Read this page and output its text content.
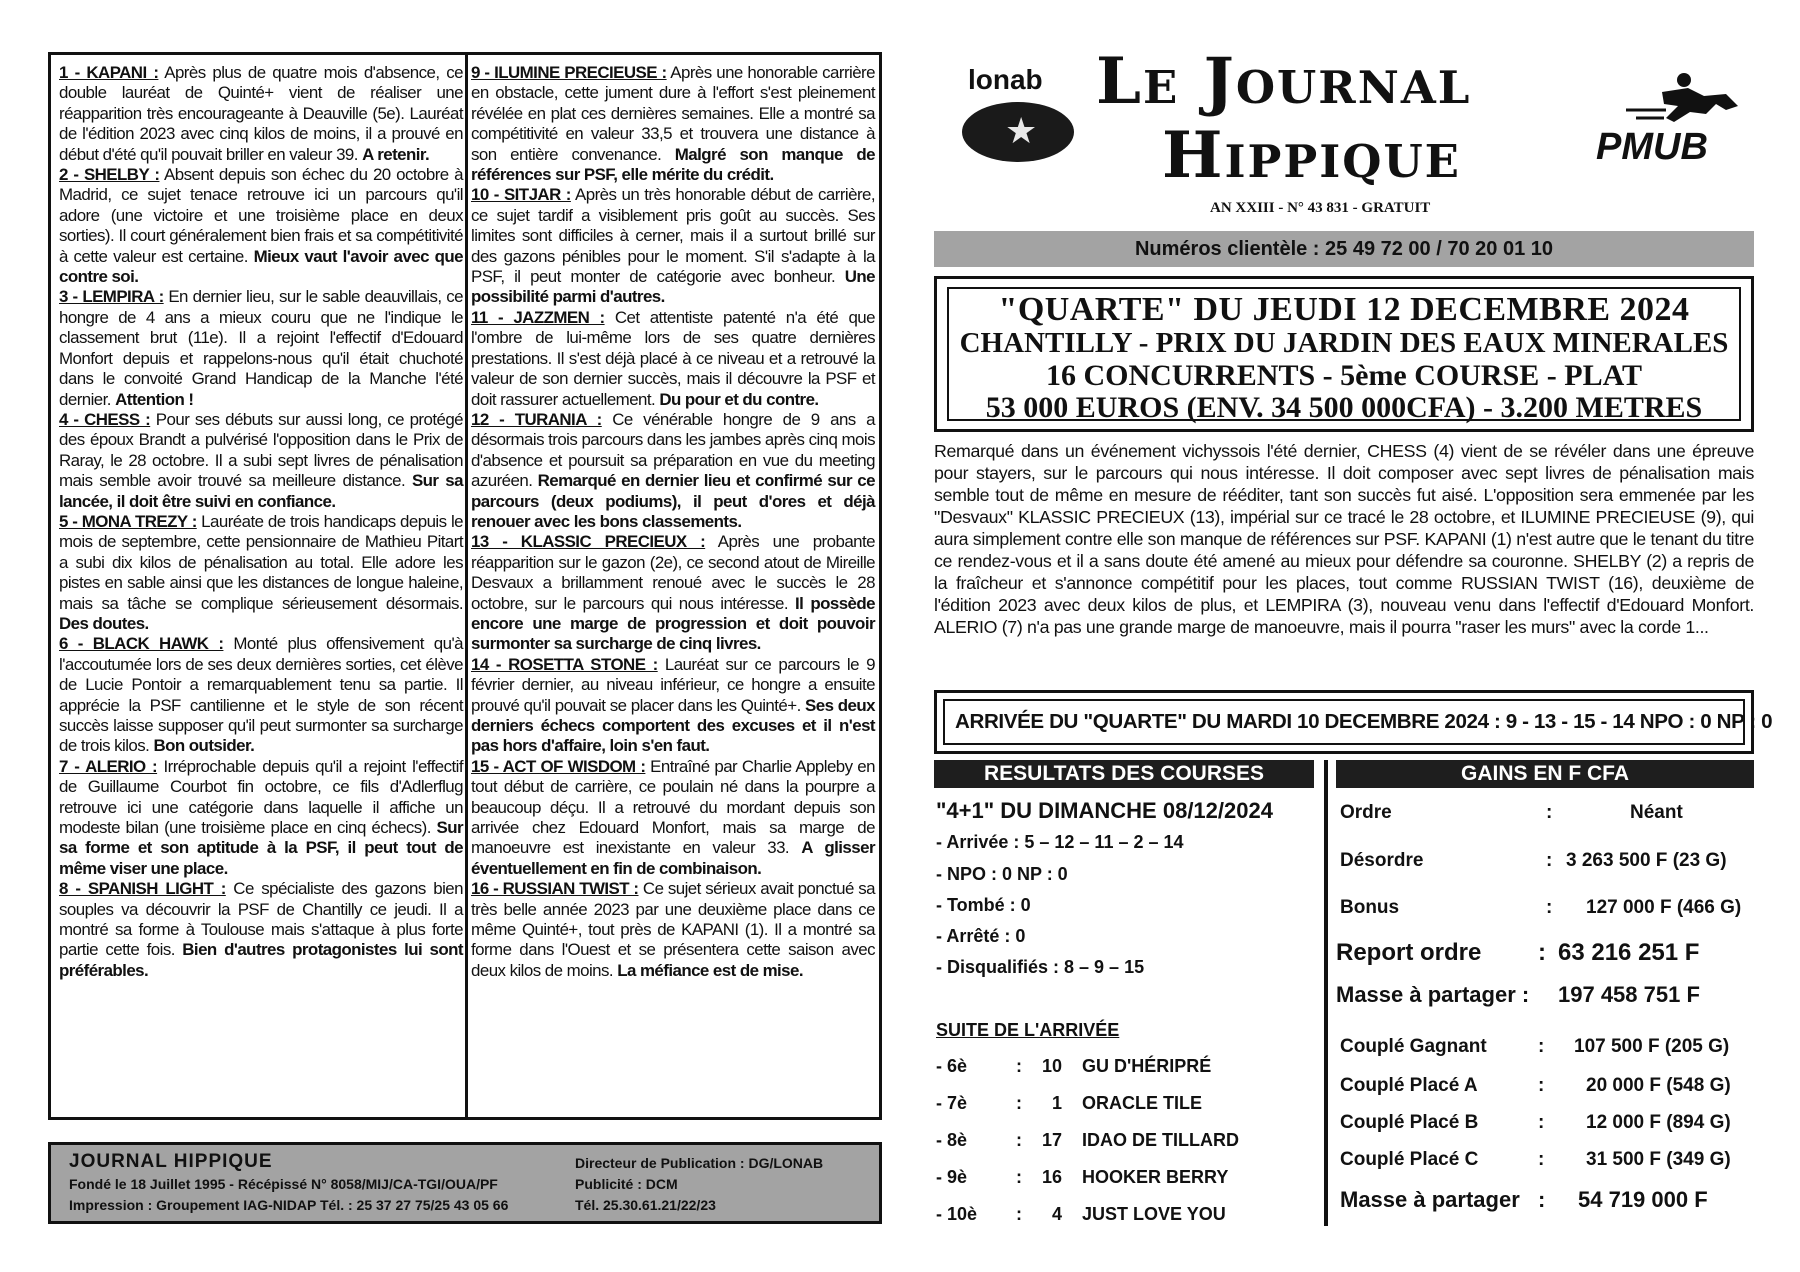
1 - KAPANI : Après plus de quatre mois d'absence, ce double lauréat de Quinté+ vient de réaliser une réapparition très encourageante à Deauville (5e). Lauréat de l'édition 2023 avec cinq kilos de moins, il a prouvé en début d'été qu'il pouvait briller en valeur 39. A retenir.

2 - SHELBY : Absent depuis son échec du 20 octobre à Madrid, ce sujet tenace retrouve ici un parcours qu'il adore (une victoire et une troisième place en deux sorties). Il court généralement bien frais et sa compétitivité à cette valeur est certaine. Mieux vaut l'avoir avec que contre soi.

3 - LEMPIRA : En dernier lieu, sur le sable deauvillais, ce hongre de 4 ans a mieux couru que ne l'indique le classement brut (11e). Il a rejoint l'effectif d'Edouard Monfort depuis et rappelons-nous qu'il était chuchoté dans le convoité Grand Handicap de la Manche l'été dernier. Attention !

4 - CHESS : Pour ses débuts sur aussi long, ce protégé des époux Brandt a pulvérisé l'opposition dans le Prix de Raray, le 28 octobre. Il a subi sept livres de pénalisation mais semble avoir trouvé sa meilleure distance. Sur sa lancée, il doit être suivi en confiance.

5 - MONA TREZY : Lauréate de trois handicaps depuis le mois de septembre, cette pensionnaire de Mathieu Pitart a subi dix kilos de pénalisation au total. Elle adore les pistes en sable ainsi que les distances de longue haleine, mais sa tâche se complique sérieusement désormais. Des doutes.

6 - BLACK HAWK : Monté plus offensivement qu'à l'accoutumée lors de ses deux dernières sorties, cet élève de Lucie Pontoir a remarquablement tenu sa partie. Il apprécie la PSF cantilienne et le style de son récent succès laisse supposer qu'il peut surmonter sa surcharge de trois kilos. Bon outsider.

7 - ALERIO : Irréprochable depuis qu'il a rejoint l'effectif de Guillaume Courbot fin octobre, ce fils d'Adlerflug retrouve ici une catégorie dans laquelle il affiche un modeste bilan (une troisième place en cinq échecs). Sur sa forme et son aptitude à la PSF, il peut tout de même viser une place.

8 - SPANISH LIGHT : Ce spécialiste des gazons bien souples va découvrir la PSF de Chantilly ce jeudi. Il a montré sa forme à Toulouse mais s'attaque à plus forte partie cette fois. Bien d'autres protagonistes lui sont préférables.

9 - ILUMINE PRECIEUSE : Après une honorable carrière en obstacle, cette jument dure à l'effort s'est pleinement révélée en plat ces dernières semaines. Elle a montré sa compétitivité en valeur 33,5 et trouvera une distance à son entière convenance. Malgré son manque de références sur PSF, elle mérite du crédit.

10 - SITJAR : Après un très honorable début de carrière, ce sujet tardif a visiblement pris goût au succès. Ses limites sont difficiles à cerner, mais il a surtout brillé sur des gazons pénibles pour le moment. S'il s'adapte à la PSF, il peut monter de catégorie avec bonheur. Une possibilité parmi d'autres.

11 - JAZZMEN : Cet attentiste patenté n'a été que l'ombre de lui-même lors de ses quatre dernières prestations. Il s'est déjà placé à ce niveau et a retrouvé la valeur de son dernier succès, mais il découvre la PSF et doit rassurer actuellement. Du pour et du contre.

12 - TURANIA : Ce vénérable hongre de 9 ans a désormais trois parcours dans les jambes après cinq mois d'absence et poursuit sa préparation en vue du meeting azuréen. Remarqué en dernier lieu et confirmé sur ce parcours (deux podiums), il peut d'ores et déjà renouer avec les bons classements.

13 - KLASSIC PRECIEUX : Après une probante réapparition sur le gazon (2e), ce second atout de Mireille Desvaux a brillamment renoué avec le succès le 28 octobre, sur le parcours qui nous intéresse. Il possède encore une marge de progression et doit pouvoir surmonter sa surcharge de cinq livres.

14 - ROSETTA STONE : Lauréat sur ce parcours le 9 février dernier, au niveau inférieur, ce hongre a ensuite prouvé qu'il pouvait se placer dans les Quinté+. Ses deux derniers échecs comportent des excuses et il n'est pas hors d'affaire, loin s'en faut.

15 - ACT OF WISDOM : Entraîné par Charlie Appleby en tout début de carrière, ce poulain né dans la pourpre a beaucoup déçu. Il a retrouvé du mordant depuis son arrivée chez Edouard Monfort, mais sa marge de manoeuvre est inexistante en valeur 33. A glisser éventuellement en fin de combinaison.

16 - RUSSIAN TWIST : Ce sujet sérieux avait ponctué sa très belle année 2023 par une deuxième place dans ce même Quinté+, tout près de KAPANI (1). Il a montré sa forme dans l'Ouest et se présentera cette saison avec deux kilos de moins. La méfiance est de mise.

JOURNAL HIPPIQUE
Fondé le 18 Juillet 1995 - Récépissé N° 8058/MIJ/CA-TGI/OUA/PF
Impression : Groupement IAG-NIDAP Tél. : 25 37 27 75/25 43 05 66
Directeur de Publication : DG/LONAB
Publicité : DCM
Tél. 25.30.61.21/22/23
lonab
★
Le Journal
Hippique
AN XXIII - N° 43 831 - GRATUIT
PMUB
Numéros clientèle : 25 49 72 00 / 70 20 01 10
"QUARTE" DU JEUDI 12 DECEMBRE 2024
CHANTILLY - PRIX DU JARDIN DES EAUX MINERALES
16 CONCURRENTS - 5ème COURSE - PLAT
53 000 EUROS (ENV. 34 500 000CFA) - 3.200 METRES
Remarqué dans un événement vichyssois l'été dernier, CHESS (4) vient de se révéler dans une épreuve pour stayers, sur le parcours qui nous intéresse. Il doit composer avec sept livres de pénalisation mais semble tout de même en mesure de rééditer, tant son succès fut aisé. L'opposition sera emmenée par les "Desvaux" KLASSIC PRECIEUX (13), impérial sur ce tracé le 28 octobre, et ILUMINE PRECIEUSE (9), qui aura simplement contre elle son manque de références sur PSF. KAPANI (1) n'est autre que le tenant du titre ce rendez-vous et il a sans doute été amené au mieux pour défendre sa couronne. SHELBY (2) a repris de la fraîcheur et s'annonce compétitif pour les places, tout comme RUSSIAN TWIST (16), deuxième de l'édition 2023 avec deux kilos de plus, et LEMPIRA (3), nouveau venu dans l'effectif d'Edouard Monfort. ALERIO (7) n'a pas une grande marge de manoeuvre, mais il pourra "raser les murs" avec la corde 1...
ARRIVÉE DU "QUARTE" DU MARDI 10 DECEMBRE 2024 : 9 - 13 - 15 - 14 NPO : 0 NP : 0
RESULTATS DES COURSES	GAINS EN F CFA
"4+1" DU DIMANCHE 08/12/2024
- Arrivée : 5 – 12 – 11 – 2 – 14
- NPO : 0 NP : 0
- Tombé : 0
- Arrêté : 0
- Disqualifiés : 8 – 9 – 15
SUITE DE L'ARRIVÉE
- 6è	:	10 GU D'HÉRIPRÉ
- 7è	:	1 ORACLE TILE
- 8è	:	17 IDAO DE TILLARD
- 9è	:	16 HOOKER BERRY
- 10è :	4 JUST LOVE YOU
Ordre	:	Néant
Désordre	: 3 263 500 F (23 G)
Bonus	: 127 000 F (466 G)
Report ordre : 63 216 251 F
Masse à partager : 197 458 751 F
Couplé Gagnant	: 107 500 F (205 G)
Couplé Placé A	: 20 000 F (548 G)
Couplé Placé B	: 12 000 F (894 G)
Couplé Placé C	: 31 500 F (349 G)
Masse à partager : 54 719 000 F
